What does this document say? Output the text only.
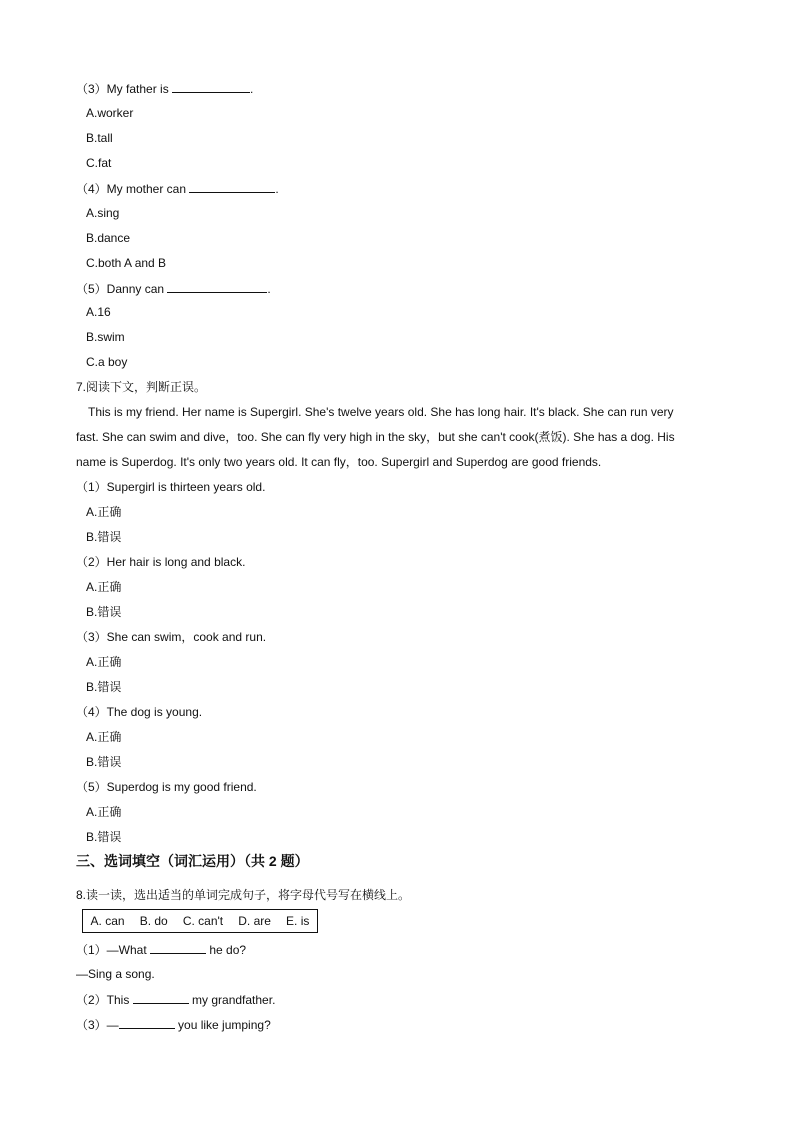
（3）My father is	.
A.worker
B.tall
C.fat
（4）My mother can	.
A.sing
B.dance
C.both A and B
（5）Danny can	.
A.16
B.swim
C.a boy
7.阅读下文，判断正误。
This is my friend. Her name is Supergirl. She's twelve years old. She has long hair. It's black. She can run very
fast. She can swim and dive，too. She can fly very high in the sky，but she can't cook(煮饭). She has a dog. His
name is Superdog. It's only two years old. It can fly，too. Supergirl and Superdog are good friends.
（1）Supergirl is thirteen years old.
A.正确
B.错误
（2）Her hair is long and black.
A.正确
B.错误
（3）She can swim，cook and run.
A.正确
B.错误
（4）The dog is young.
A.正确
B.错误
（5）Superdog is my good friend.
A.正确
B.错误
三、选词填空（词汇运用）（共 2 题）
8.读一读，选出适当的单词完成句子，将字母代号写在横线上。
A. can B. do C. can't D. are E. is
（1）—What	he do?
—Sing a song.
（2）This	my grandfather.
（3）—	you like jumping?
